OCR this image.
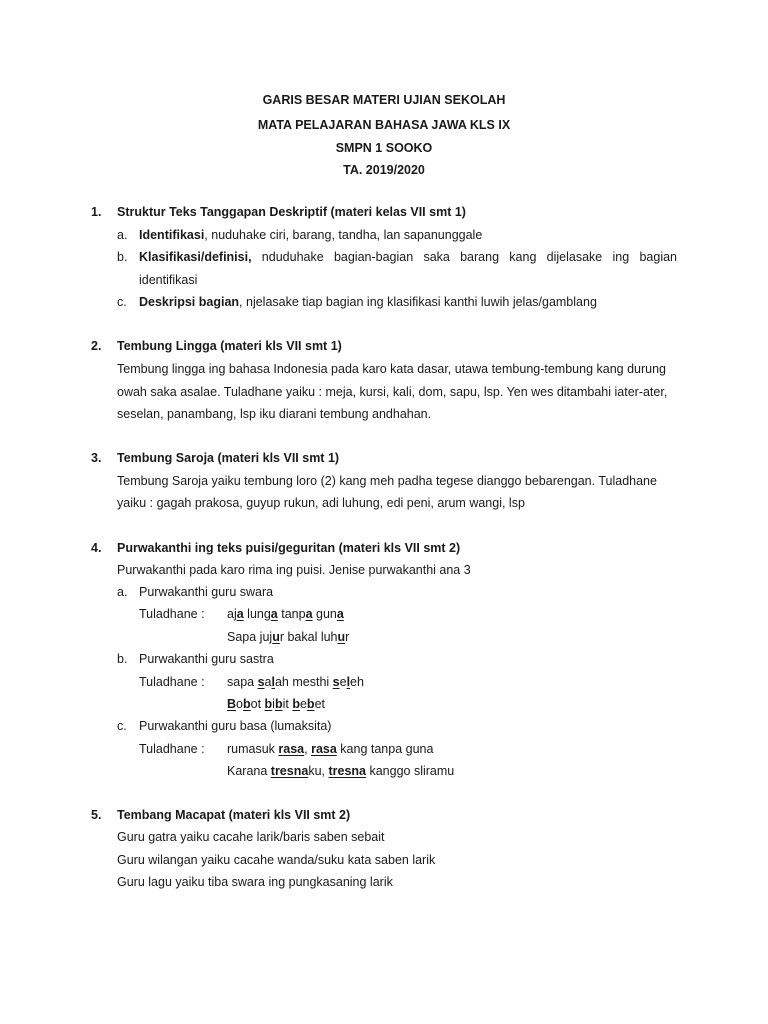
GARIS BESAR MATERI UJIAN SEKOLAH
MATA PELAJARAN BAHASA JAWA KLS IX
SMPN 1 SOOKO
TA. 2019/2020
1. Struktur Teks Tanggapan Deskriptif (materi kelas VII smt 1)
a. Identifikasi, nuduhake ciri, barang, tandha, lan sapanunggale
b. Klasifikasi/definisi, nduduhake bagian-bagian saka barang kang dijelasake ing bagian
identifikasi
c. Deskripsi bagian, njelasake tiap bagian ing klasifikasi kanthi luwih jelas/gamblang
2. Tembung Lingga (materi kls VII smt 1)
Tembung lingga ing bahasa Indonesia pada karo kata dasar, utawa tembung-tembung kang durung
owah saka asalae. Tuladhane yaiku : meja, kursi, kali, dom, sapu, lsp. Yen wes ditambahi iater-ater,
seselan, panambang, lsp iku diarani tembung andhahan.
3. Tembung Saroja (materi kls VII smt 1)
Tembung Saroja yaiku tembung loro (2) kang meh padha tegese dianggo bebarengan. Tuladhane
yaiku : gagah prakosa, guyup rukun, adi luhung, edi peni, arum wangi, lsp
4. Purwakanthi ing teks puisi/geguritan (materi kls VII smt 2)
Purwakanthi pada karo rima ing puisi. Jenise purwakanthi ana 3
a. Purwakanthi guru swara
Tuladhane : aja lunga tanpa guna
Sapa jujur bakal luhur
b. Purwakanthi guru sastra
Tuladhane : sapa salah mesthi seleh
Bobot bibit bebet
c. Purwakanthi guru basa (lumaksita)
Tuladhane : rumasuk rasa, rasa kang tanpa guna
Karana tresnaku, tresna kanggo sliramu
5. Tembang Macapat (materi kls VII smt 2)
Guru gatra yaiku cacahe larik/baris saben sebait
Guru wilangan yaiku cacahe wanda/suku kata saben larik
Guru lagu yaiku tiba swara ing pungkasaning larik
